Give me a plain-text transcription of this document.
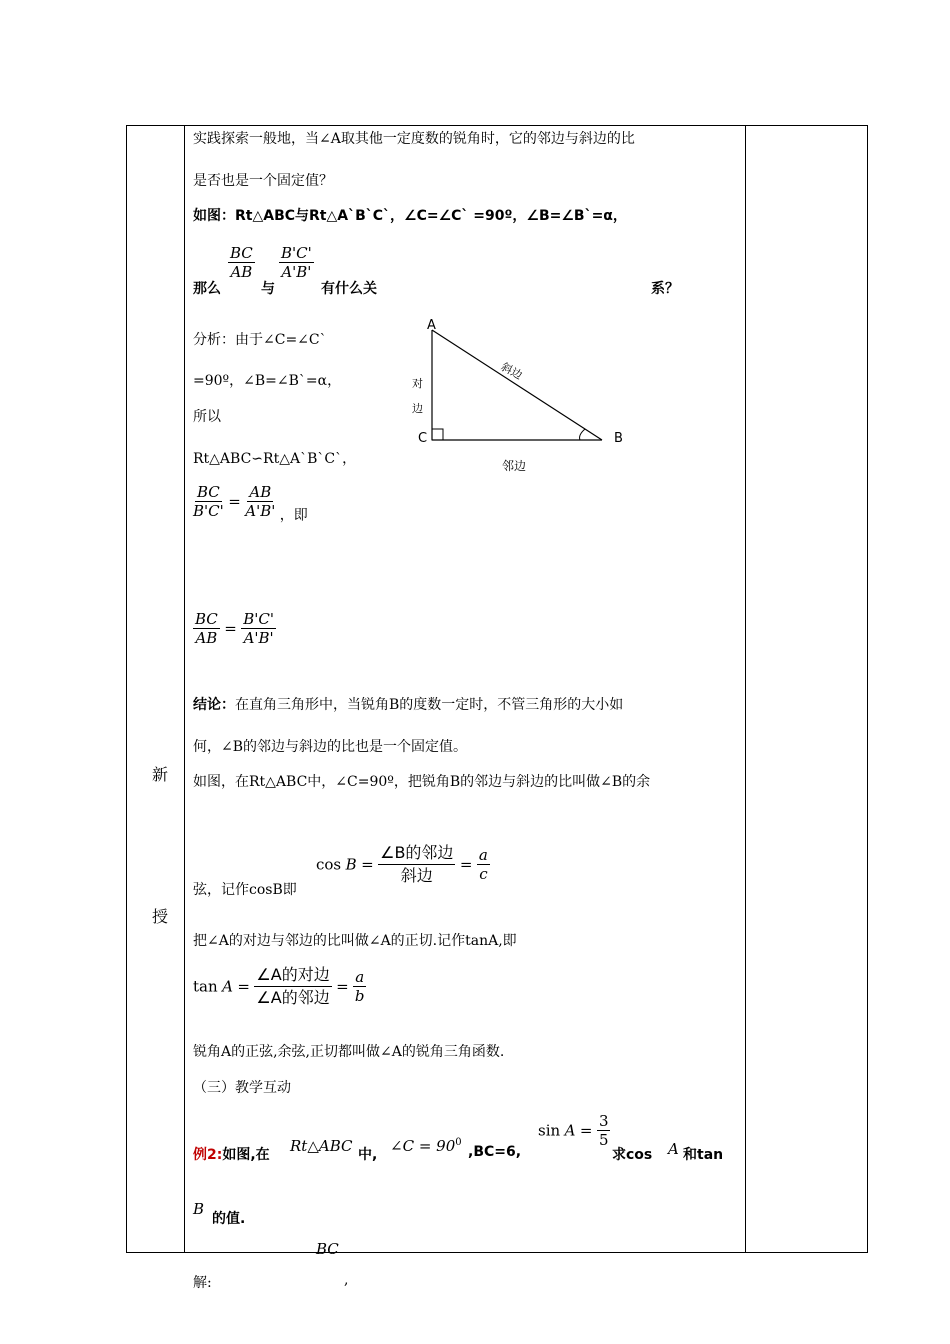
新
授
实践探索一般地，当∠A取其他一定度数的锐角时，它的邻边与斜边的比
是否也是一个固定值？
如图：Rt△ABC与Rt△A`B`C`，∠C=∠C` =90º，∠B=∠B`=α，
那么
$\frac{BC}{AB}$
与
$\frac{B'C'}{A'B'}$
有什么关	系？
分析：由于∠C=∠C`
=90º，∠B=∠B`=α，
所以
Rt△ABC∽Rt△A`B`C`，
A
C	B
斜边
对
边
邻边
$\frac{BC}{B'C'} = \frac{AB}{A'B'}$ ，即
$\frac{BC}{AB} = \frac{B'C'}{A'B'}$
结论：在直角三角形中，当锐角B的度数一定时，不管三角形的大小如
何，∠B的邻边与斜边的比也是一个固定值。
如图，在Rt△ABC中，∠C=90º，把锐角B的邻边与斜边的比叫做∠B的余
弦，记作cosB即
$\cos B = \frac{\text{∠B的邻边}}{\text{斜边}} = \frac{a}{c}$
把∠A的对边与邻边的比叫做∠A的正切.记作tanA,即
$\tan A = \frac{\text{∠A的对边}}{\text{∠A的邻边}} = \frac{a}{b}$
锐角A的正弦,余弦,正切都叫做∠A的锐角三角函数.
（三）教学互动
例2:如图,在 Rt△ABC 中, ∠C = $90^0$
,BC=6,
$\sin A = \frac{3}{5}$
求cos A 和tan
B
的值.
BC
解:	,
